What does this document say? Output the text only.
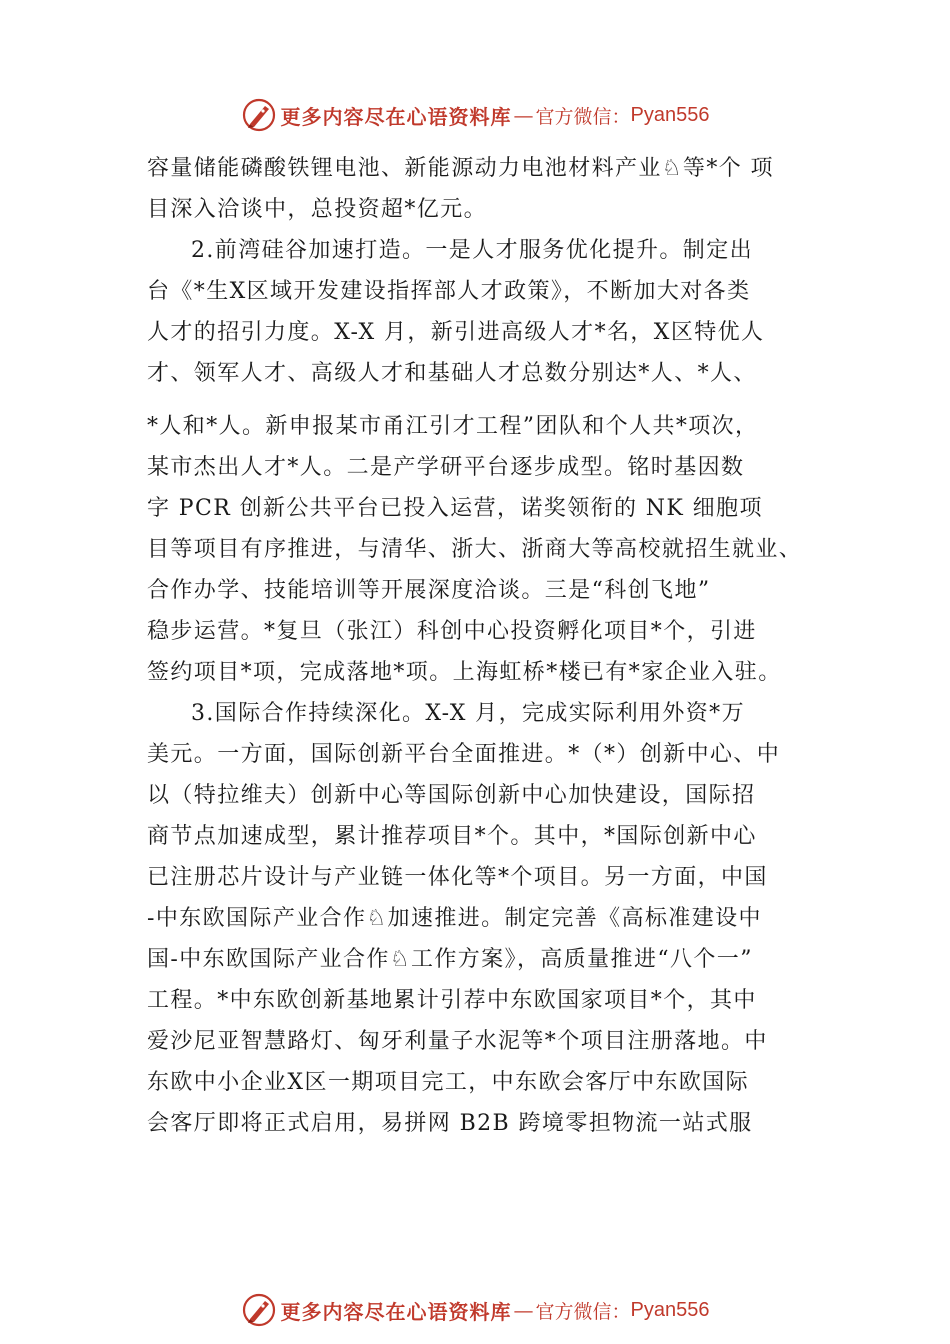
更多内容尽在心语资料库 — 官方微信： Pyan556
容量储能磷酸铁锂电池、新能源动力电池材料产业♘等*个 项
目深入洽谈中，总投资超*亿元。
2.前湾硅谷加速打造。一是人才服务优化提升。制定出
台《*生Ⅹ区域开发建设指挥部人才政策》，不断加大对各类
人才的招引力度。X-X 月，新引进高级人才*名，Ⅹ区特优人
才、领军人才、高级人才和基础人才总数分别达*人、*人、
*人和*人。新申报某市甬江引才工程”团队和个人共*项次，
某市杰出人才*人。二是产学研平台逐步成型。铭时基因数
字 PCR 创新公共平台已投入运营，诺奖领衔的 NK 细胞项
目等项目有序推进，与清华、浙大、浙商大等高校就招生就业、
合作办学、技能培训等开展深度洽谈。三是“科创飞地”
稳步运营。*复旦（张江）科创中心投资孵化项目*个，引进
签约项目*项，完成落地*项。上海虹桥*楼已有*家企业入驻。
3.国际合作持续深化。X-X 月，完成实际利用外资*万
美元。一方面，国际创新平台全面推进。*（*）创新中心、中
以（特拉维夫）创新中心等国际创新中心加快建设，国际招
商节点加速成型，累计推荐项目*个。其中，*国际创新中心
已注册芯片设计与产业链一体化等*个项目。另一方面，中国
-中东欧国际产业合作♘加速推进。制定完善《高标准建设中
国-中东欧国际产业合作♘工作方案》，高质量推进“八个一”
工程。*中东欧创新基地累计引荐中东欧国家项目*个，其中
爱沙尼亚智慧路灯、匈牙利量子水泥等*个项目注册落地。中
东欧中小企业Ⅹ区一期项目完工，中东欧会客厅中东欧国际
会客厅即将正式启用，易拼网 B2B 跨境零担物流一站式服
更多内容尽在心语资料库 — 官方微信： Pyan556
